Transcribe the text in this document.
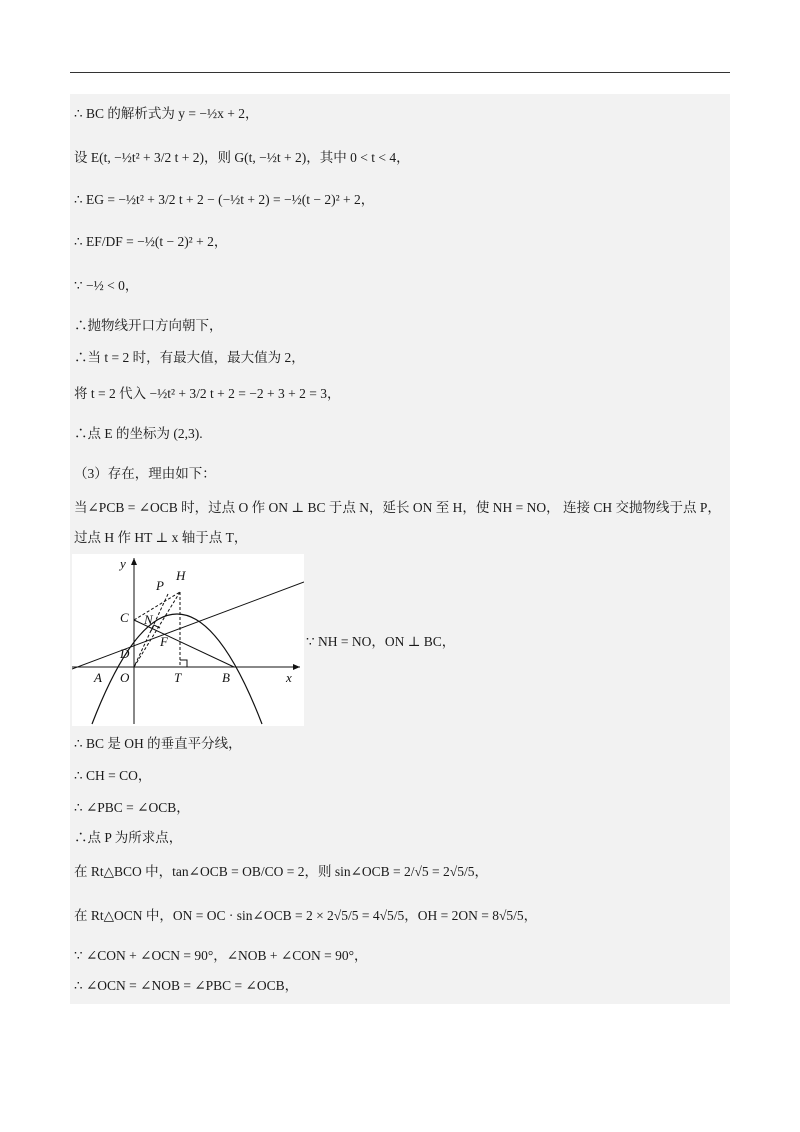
∴ BC 的解析式为 y = −½x + 2，
设 E(t, −½t² + 3/2 t + 2)，则 G(t, −½t + 2)，其中 0 < t < 4，
∴ EG = −½t² + 3/2 t + 2 − (−½t + 2) = −½(t − 2)² + 2，
∴ EF/DF = −½(t − 2)² + 2，
∵ −½ < 0，
∴抛物线开口方向朝下，
∴当 t = 2 时，有最大值，最大值为 2，
将 t = 2 代入 −½t² + 3/2 t + 2 = −2 + 3 + 2 = 3，
∴点 E 的坐标为 (2,3).
（3）存在，理由如下：
当∠PCB = ∠OCB 时，过点 O 作 ON ⊥ BC 于点 N，延长 ON 至 H，使 NH = NO， 连接 CH 交抛物线于点 P，
过点 H 作 HT ⊥ x 轴于点 T，
y
x
P
H
C N
F
D
A O	T	B
∵ NH = NO，ON ⊥ BC，
∴ BC 是 OH 的垂直平分线，
∴ CH = CO，
∴ ∠PBC = ∠OCB，
∴点 P 为所求点，
在 Rt△BCO 中，tan∠OCB = OB/CO = 2，则 sin∠OCB = 2/√5 = 2√5/5，
在 Rt△OCN 中，ON = OC · sin∠OCB = 2 × 2√5/5 = 4√5/5，OH = 2ON = 8√5/5，
∵ ∠CON + ∠OCN = 90°，∠NOB + ∠CON = 90°，
∴ ∠OCN = ∠NOB = ∠PBC = ∠OCB，
